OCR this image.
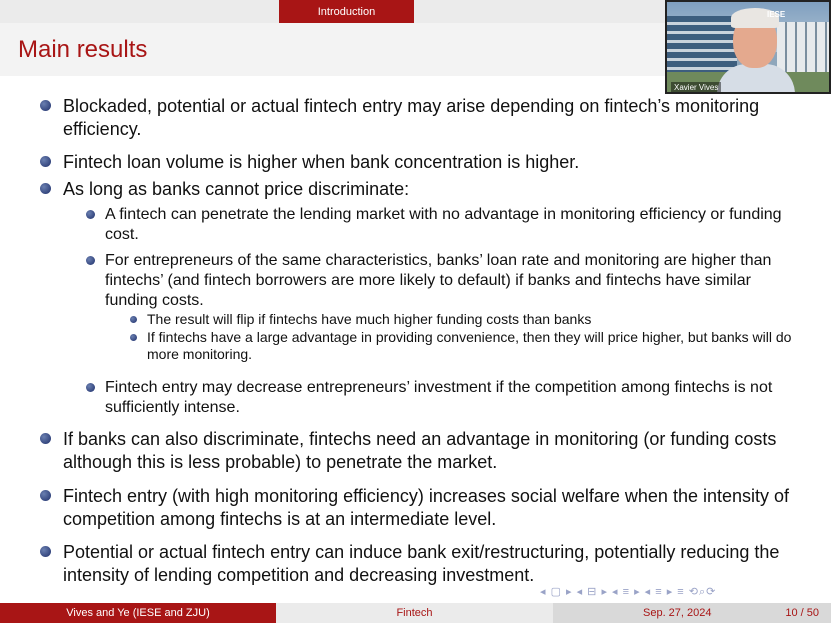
Introduction
Main results
IESE
Xavier Vives
Blockaded, potential or actual fintech entry may arise depending on fintech’s monitoring efficiency.
Fintech loan volume is higher when bank concentration is higher.
As long as banks cannot price discriminate:
A fintech can penetrate the lending market with no advantage in monitoring efficiency or funding cost.
For entrepreneurs of the same characteristics, banks’ loan rate and monitoring are higher than fintechs’ (and fintech borrowers are more likely to default) if banks and fintechs have similar funding costs.
The result will flip if fintechs have much higher funding costs than banks
If fintechs have a large advantage in providing convenience, then they will price higher, but banks will do more monitoring.
Fintech entry may decrease entrepreneurs’ investment if the competition among fintechs is not sufficiently intense.
If banks can also discriminate, fintechs need an advantage in monitoring (or funding costs although this is less probable) to penetrate the market.
Fintech entry (with high monitoring efficiency) increases social welfare when the intensity of competition among fintechs is at an intermediate level.
Potential or actual fintech entry can induce bank exit/restructuring, potentially reducing the intensity of lending competition and decreasing investment.
◂ ▢ ▸ ◂ ⊟ ▸ ◂ ≡ ▸ ◂ ≡ ▸ ≡ ⟲⌕⟳
Vives and Ye (IESE and ZJU)	Fintech	Sep. 27, 2024	10 / 50
